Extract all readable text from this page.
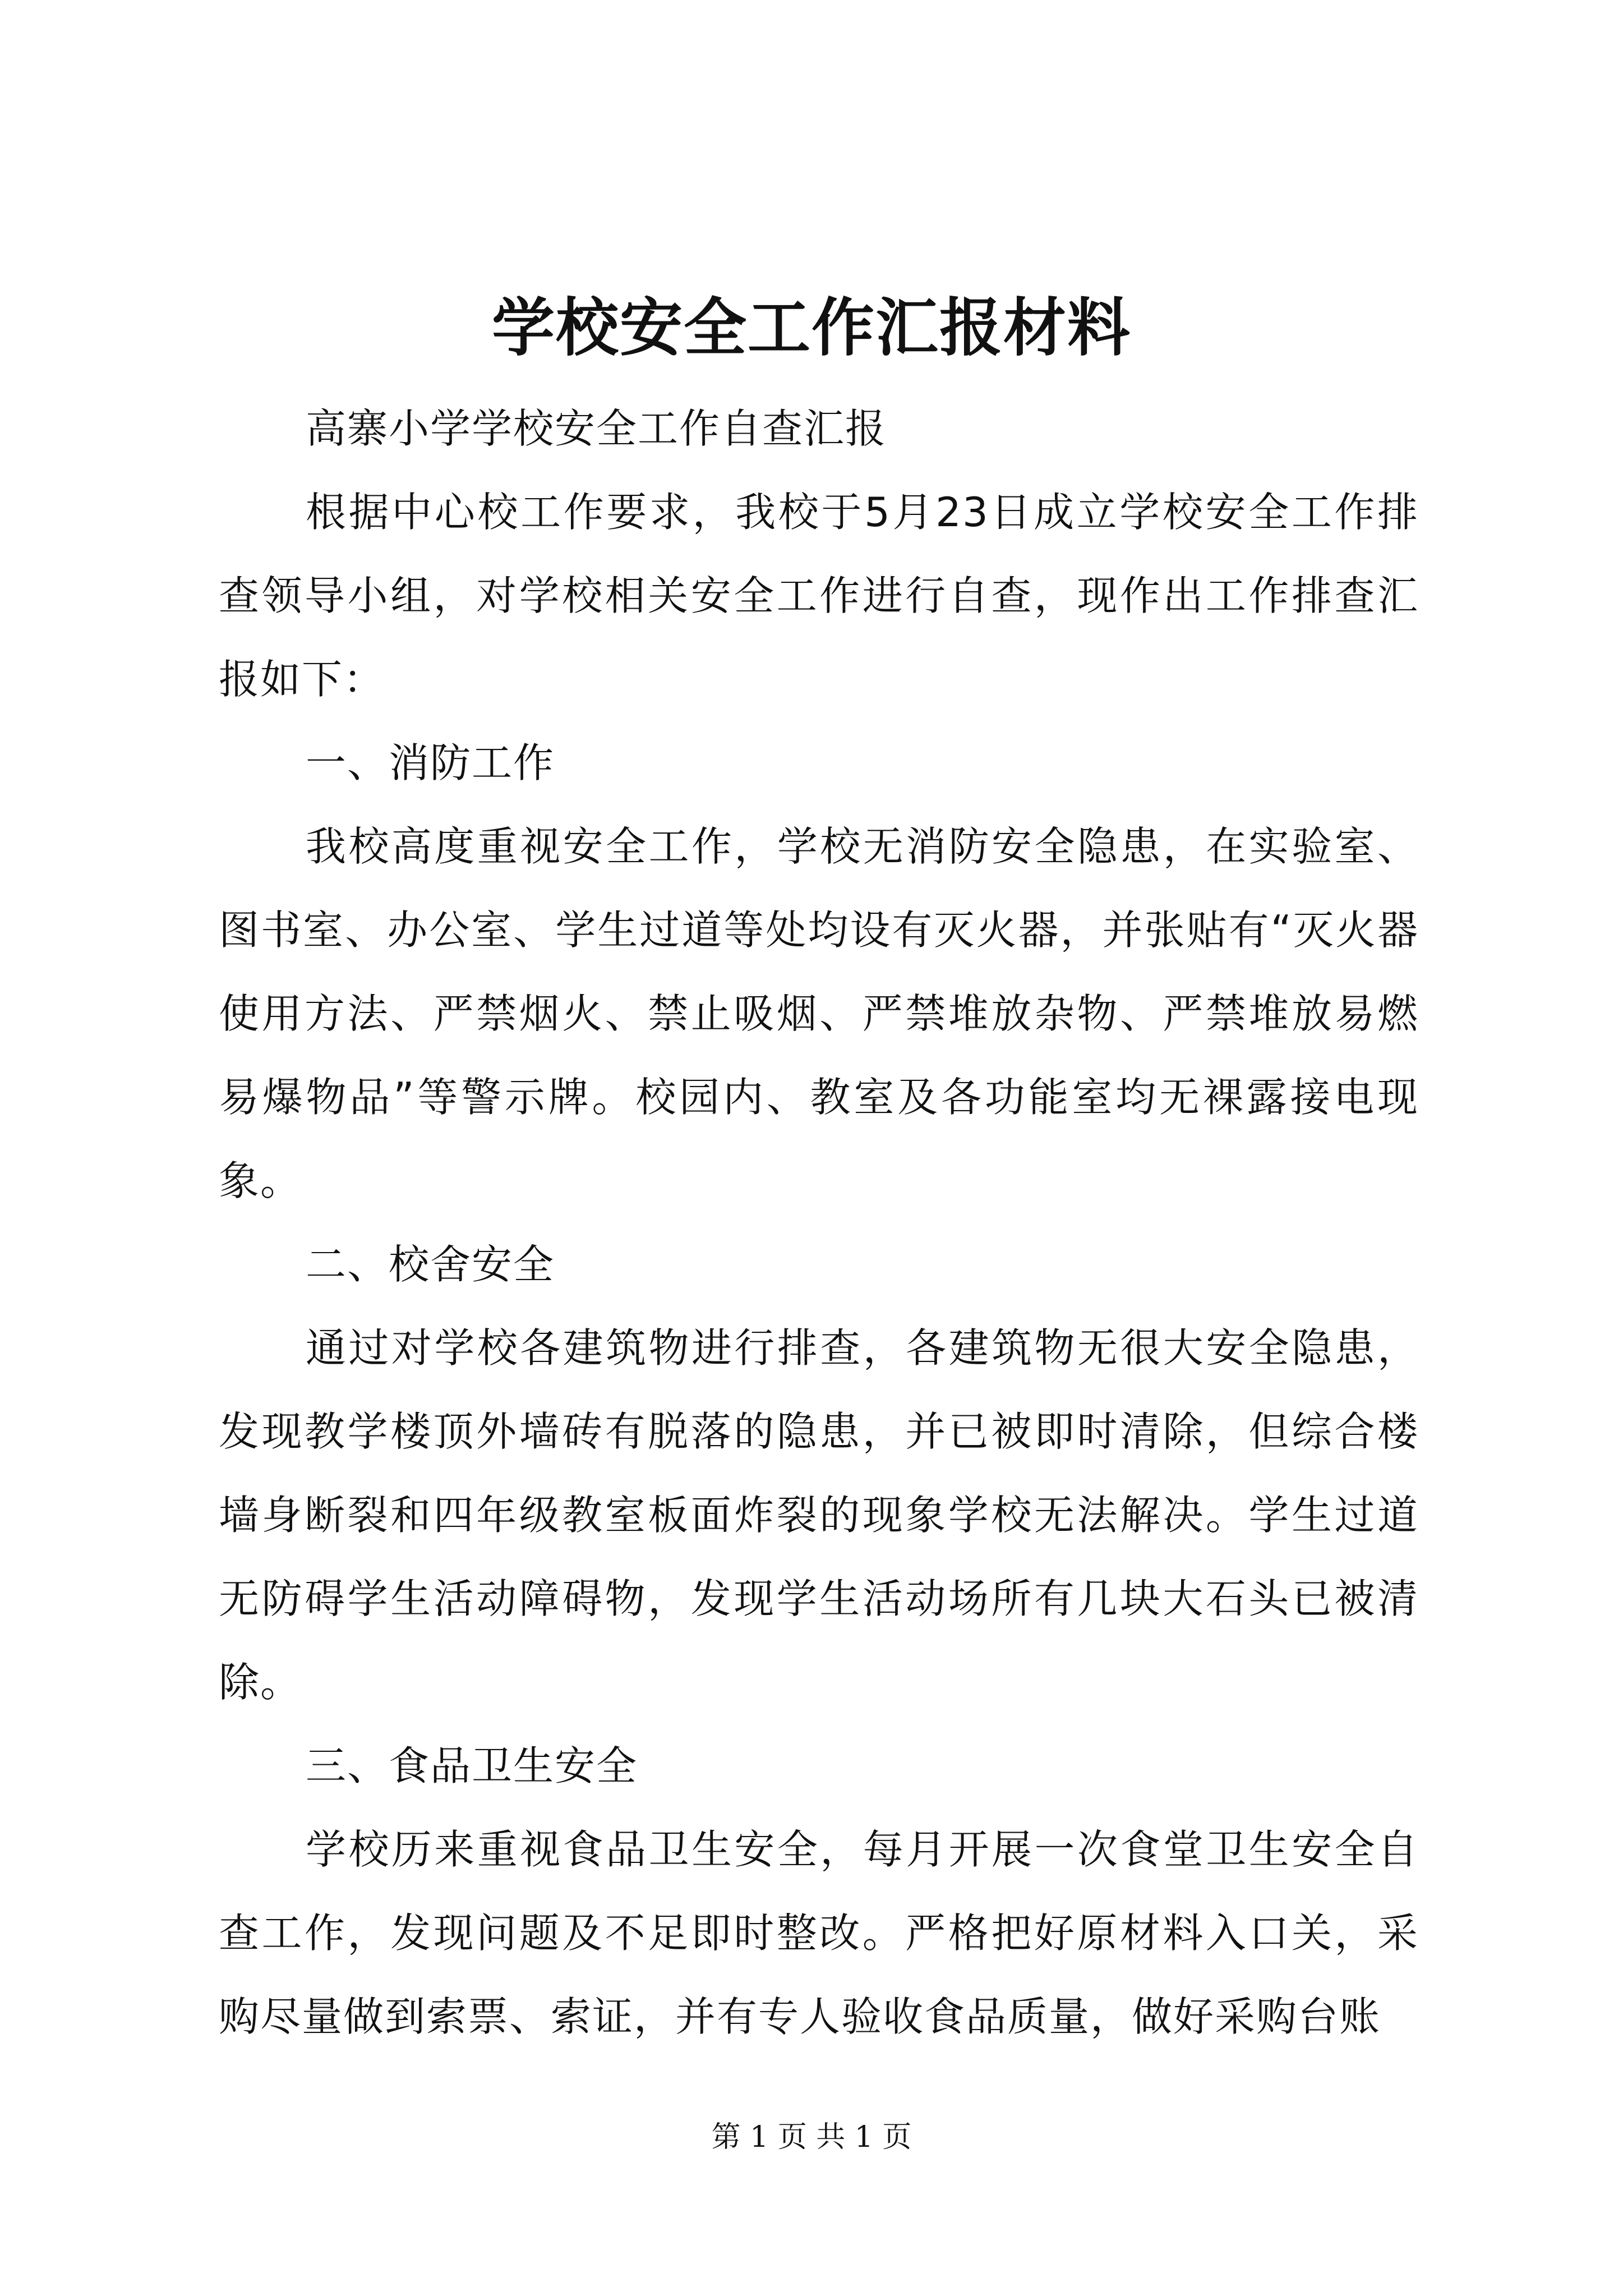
学校安全工作汇报材料

高寨小学学校安全工作自查汇报

根据中心校工作要求，我校于5月23日成立学校安全工作排查领导小组，对学校相关安全工作进行自查，现作出工作排查汇报如下：

一、消防工作

我校高度重视安全工作，学校无消防安全隐患，在实验室、图书室、办公室、学生过道等处均设有灭火器，并张贴有“灭火器使用方法、严禁烟火、禁止吸烟、严禁堆放杂物、严禁堆放易燃易爆物品”等警示牌。校园内、教室及各功能室均无裸露接电现象。

二、校舍安全

通过对学校各建筑物进行排查，各建筑物无很大安全隐患，发现教学楼顶外墙砖有脱落的隐患，并已被即时清除，但综合楼墙身断裂和四年级教室板面炸裂的现象学校无法解决。学生过道无防碍学生活动障碍物，发现学生活动场所有几块大石头已被清除。

三、食品卫生安全

学校历来重视食品卫生安全，每月开展一次食堂卫生安全自查工作，发现问题及不足即时整改。严格把好原材料入口关，采购尽量做到索票、索证，并有专人验收食品质量，做好采购台账

第 1 页 共 1 页
